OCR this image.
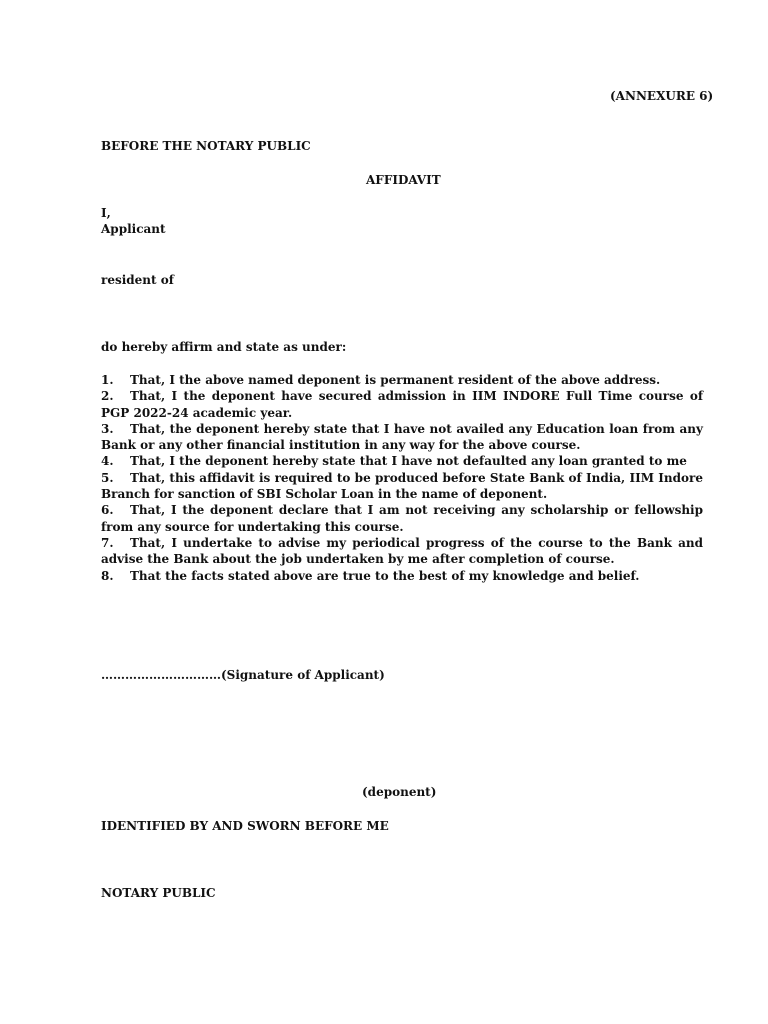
(ANNEXURE 6)
BEFORE THE NOTARY PUBLIC
AFFIDAVIT
I,
Applicant
resident of
do hereby affirm and state as under:
1. That, I the above named deponent is permanent resident of the above address.
2. That, I the deponent have secured admission in IIM INDORE Full Time course of PGP 2022-24 academic year.
3. That, the deponent hereby state that I have not availed any Education loan from any Bank or any other financial institution in any way for the above course.
4. That, I the deponent hereby state that I have not defaulted any loan granted to me
5. That, this affidavit is required to be produced before State Bank of India, IIM Indore Branch for sanction of SBI Scholar Loan in the name of deponent.
6. That, I the deponent declare that I am not receiving any scholarship or fellowship from any source for undertaking this course.
7. That, I undertake to advise my periodical progress of the course to the Bank and advise the Bank about the job undertaken by me after completion of course.
8. That the facts stated above are true to the best of my knowledge and belief.
…………………………(Signature of Applicant)
(deponent)
IDENTIFIED BY AND SWORN BEFORE ME
NOTARY PUBLIC
